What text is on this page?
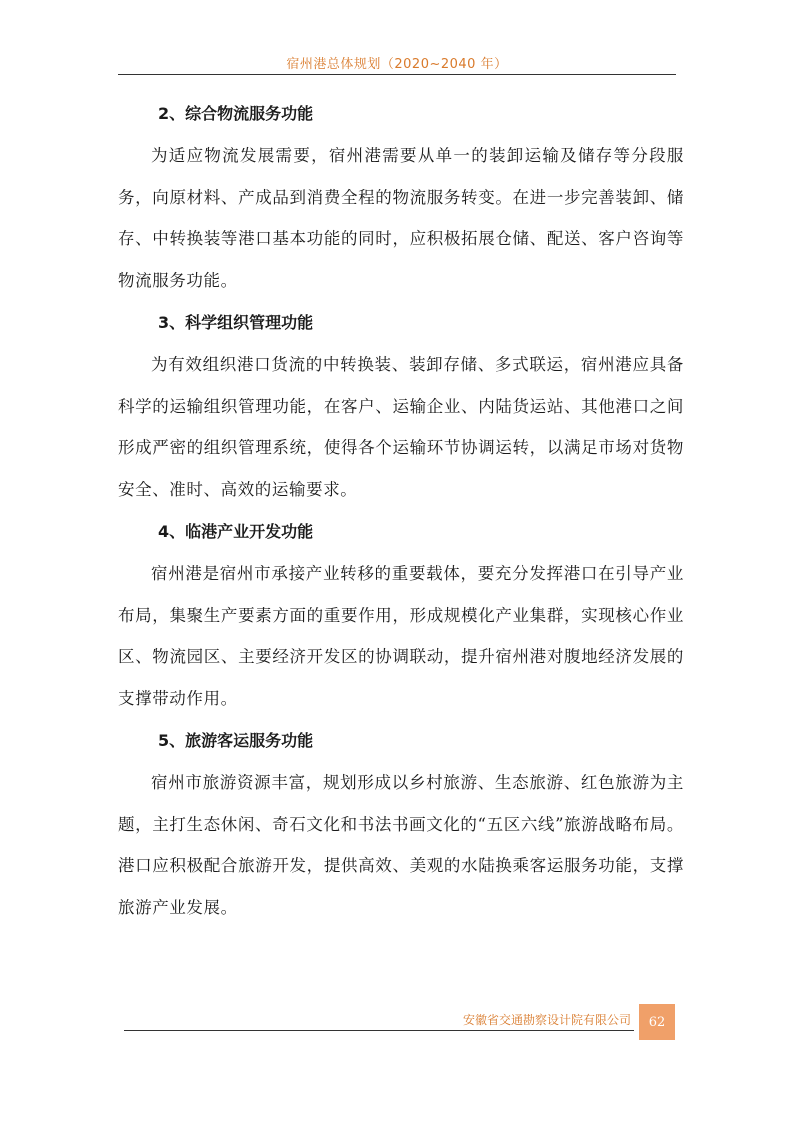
宿州港总体规划（2020~2040 年）
2、综合物流服务功能

为适应物流发展需要，宿州港需要从单一的装卸运输及储存等分段服务，向原材料、产成品到消费全程的物流服务转变。在进一步完善装卸、储存、中转换装等港口基本功能的同时，应积极拓展仓储、配送、客户咨询等物流服务功能。

3、科学组织管理功能

为有效组织港口货流的中转换装、装卸存储、多式联运，宿州港应具备科学的运输组织管理功能，在客户、运输企业、内陆货运站、其他港口之间形成严密的组织管理系统，使得各个运输环节协调运转，以满足市场对货物安全、准时、高效的运输要求。

4、临港产业开发功能

宿州港是宿州市承接产业转移的重要载体，要充分发挥港口在引导产业布局，集聚生产要素方面的重要作用，形成规模化产业集群，实现核心作业区、物流园区、主要经济开发区的协调联动，提升宿州港对腹地经济发展的支撑带动作用。

5、旅游客运服务功能

宿州市旅游资源丰富，规划形成以乡村旅游、生态旅游、红色旅游为主题，主打生态休闲、奇石文化和书法书画文化的“五区六线”旅游战略布局。港口应积极配合旅游开发，提供高效、美观的水陆换乘客运服务功能，支撑旅游产业发展。

安徽省交通勘察设计院有限公司	62
